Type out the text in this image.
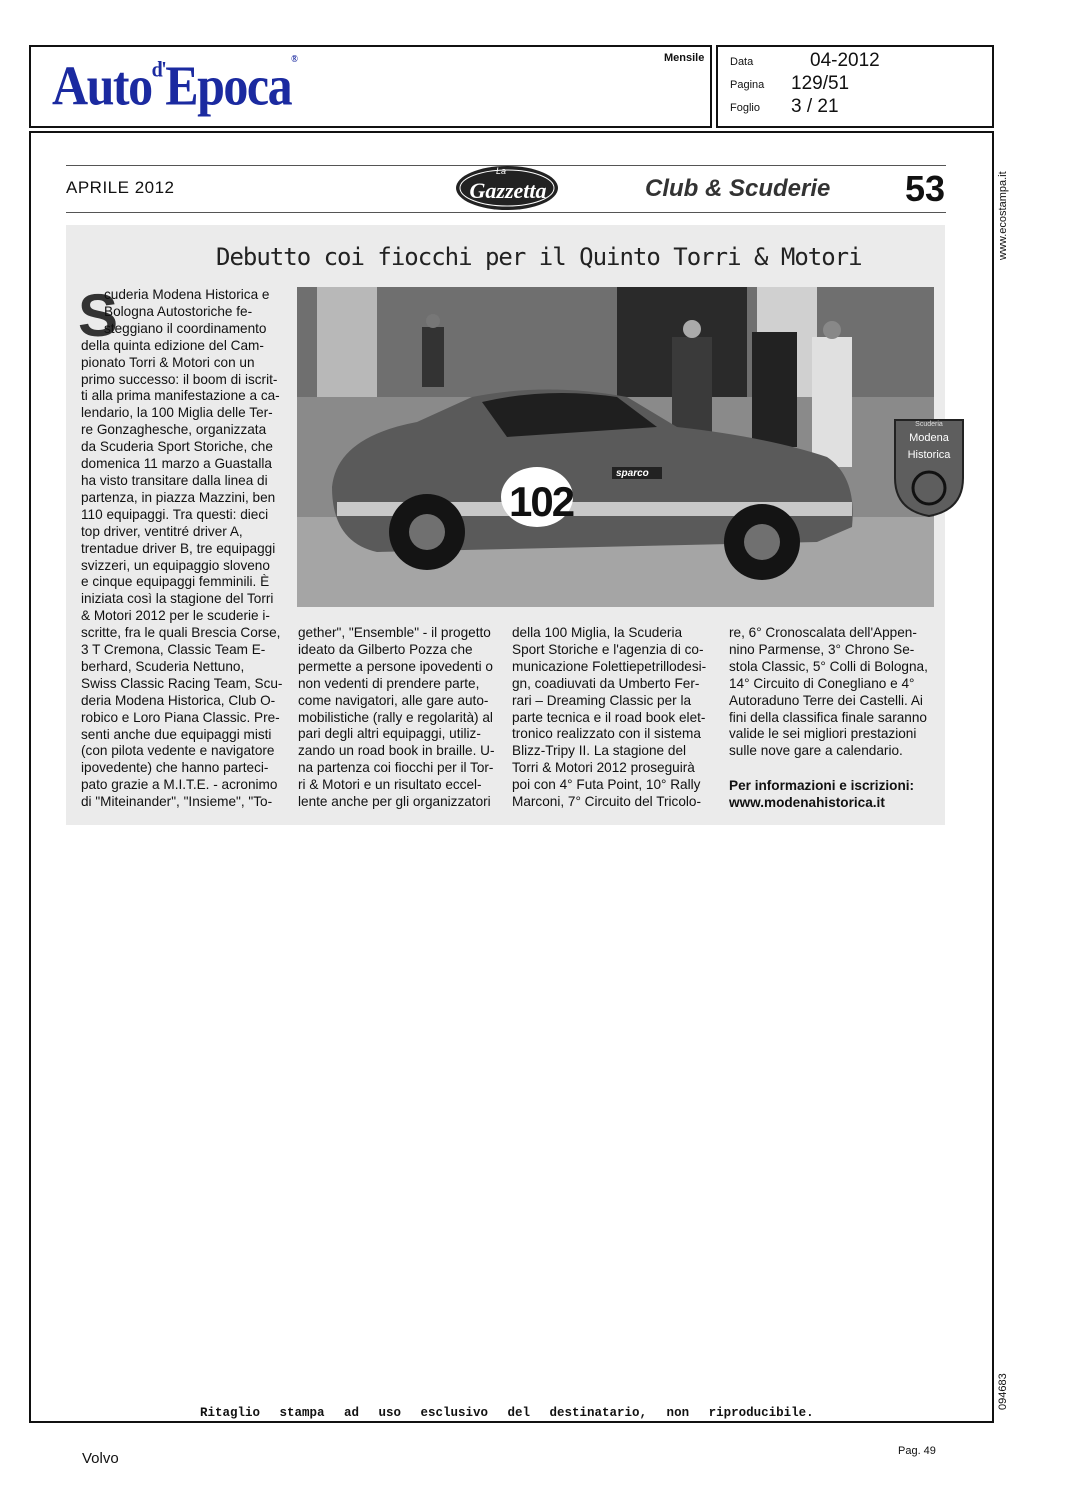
Auto$^{d'}$Epoca®	Mensile Data	04-2012
Pagina 129/51
Foglio 3 / 21
www.ecostampa.it
094683
APRILE 2012
La
Gazzetta	Club & Scuderie 53
Debutto coi fiocchi per il Quinto Torri & Motori
102
sparco
Scuderia
Modena
Historica
S

cuderia Modena Historica e

Bologna Autostoriche fe-

steggiano il coordinamento

della quinta edizione del Cam-

pionato Torri & Motori con un

primo successo: il boom di iscrit-

ti alla prima manifestazione a ca-

lendario, la 100 Miglia delle Ter-

re Gonzaghesche, organizzata

da Scuderia Sport Storiche, che

domenica 11 marzo a Guastalla

ha visto transitare dalla linea di

partenza, in piazza Mazzini, ben

110 equipaggi. Tra questi: dieci

top driver, ventitré driver A,

trentadue driver B, tre equipaggi

svizzeri, un equipaggio sloveno

e cinque equipaggi femminili. È

iniziata così la stagione del Torri

& Motori 2012 per le scuderie i-

scritte, fra le quali Brescia Corse,

3 T Cremona, Classic Team E-

berhard, Scuderia Nettuno,

Swiss Classic Racing Team, Scu-

deria Modena Historica, Club O-

robico e Loro Piana Classic. Pre-

senti anche due equipaggi misti

(con pilota vedente e navigatore

ipovedente) che hanno parteci-

pato grazie a M.I.T.E. - acronimo

di "Miteinander", "Insieme", "To-

gether", "Ensemble" - il progetto

ideato da Gilberto Pozza che

permette a persone ipovedenti o

non vedenti di prendere parte,

come navigatori, alle gare auto-

mobilistiche (rally e regolarità) al

pari degli altri equipaggi, utiliz-

zando un road book in braille. U-

na partenza coi fiocchi per il Tor-

ri & Motori e un risultato eccel-

lente anche per gli organizzatori

della 100 Miglia, la Scuderia

Sport Storiche e l'agenzia di co-

municazione Folettiepetrillodesi-

gn, coadiuvati da Umberto Fer-

rari – Dreaming Classic per la

parte tecnica e il road book elet-

tronico realizzato con il sistema

Blizz-Tripy II. La stagione del

Torri & Motori 2012 proseguirà

poi con 4° Futa Point, 10° Rally

Marconi, 7° Circuito del Tricolo-

re, 6° Cronoscalata dell'Appen-

nino Parmense, 3° Chrono Se-

stola Classic, 5° Colli di Bologna,

14° Circuito di Conegliano e 4°

Autoraduno Terre dei Castelli. Ai

fini della classifica finale saranno

valide le sei migliori prestazioni

sulle nove gare a calendario.

Per informazioni e iscrizioni:

www.modenahistorica.it

Ritaglio stampa ad uso esclusivo del destinatario, non riproducibile.
Volvo	Pag. 49
